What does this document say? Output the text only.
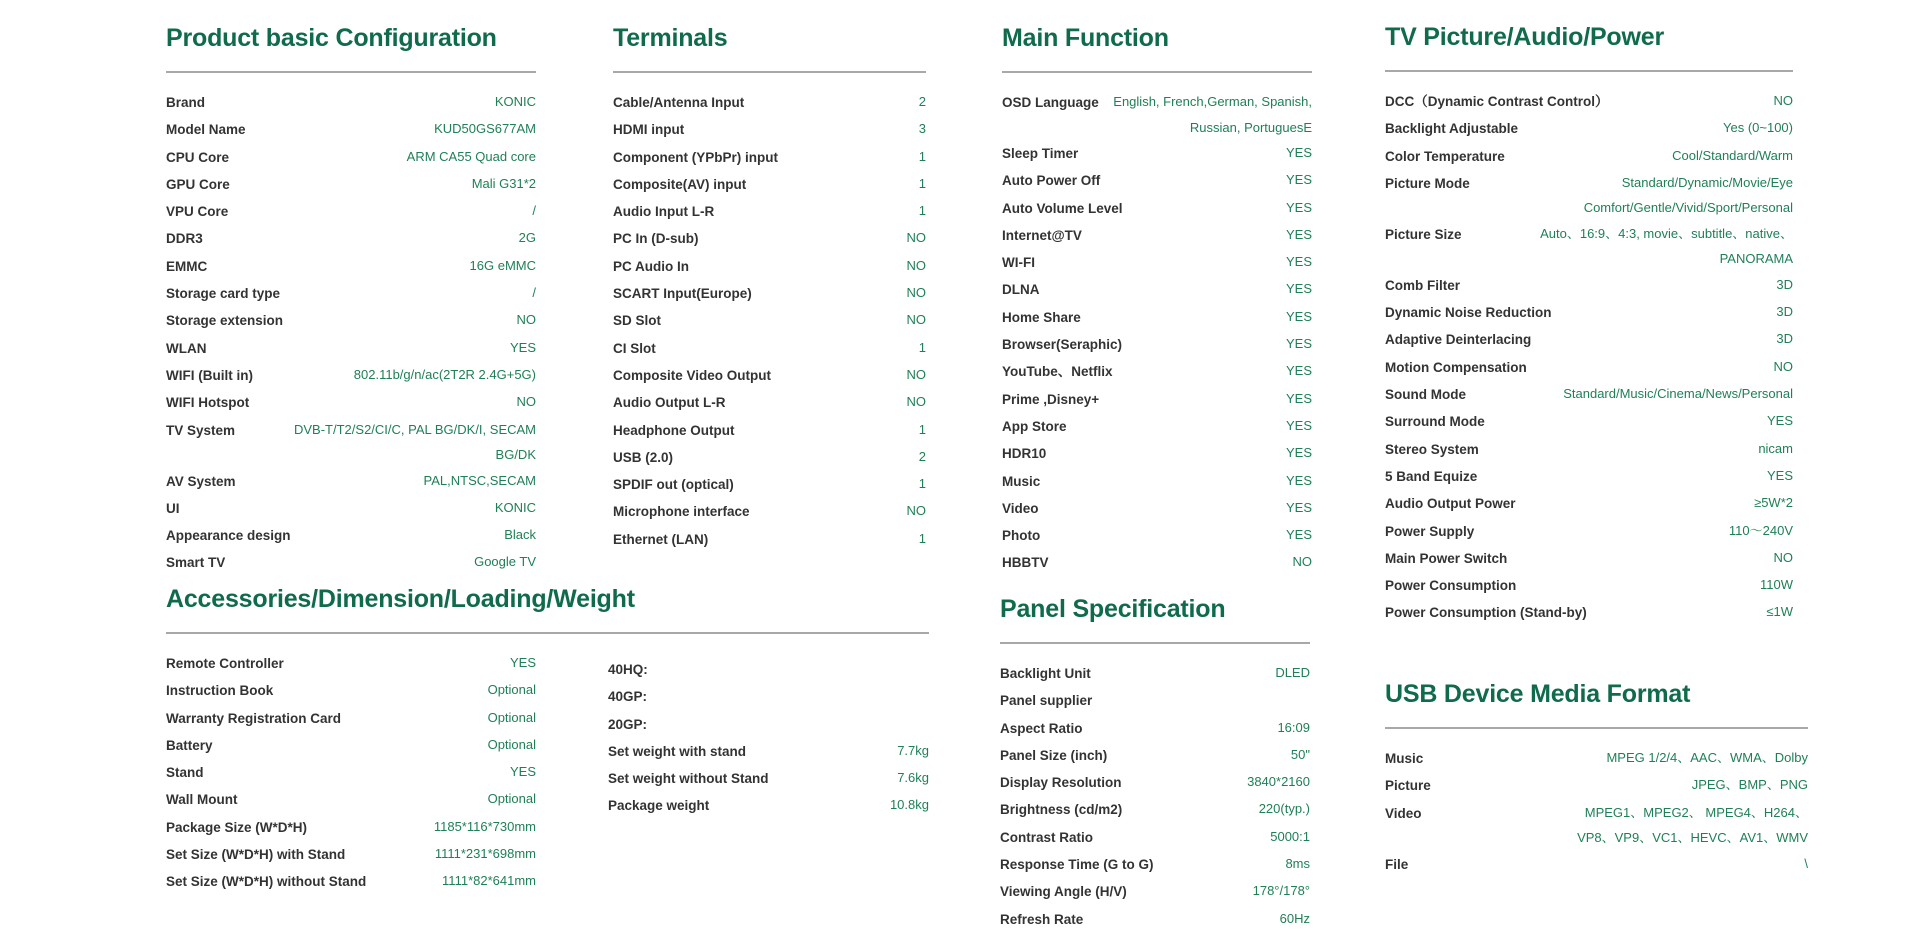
Product basic Configuration
Brand	KONIC
Model Name	KUD50GS677AM
CPU Core	ARM CA55 Quad core
GPU Core	Mali G31*2
VPU Core	/
DDR3	2G
EMMC	16G eMMC
Storage card type	/
Storage extension	NO
WLAN	YES
WIFI (Built in)	802.11b/g/n/ac(2T2R 2.4G+5G)
WIFI Hotspot	NO
TV System	DVB-T/T2/S2/CI/C, PAL BG/DK/I, SECAM BG/DK
AV System	PAL,NTSC,SECAM
UI	KONIC
Appearance design	Black
Smart TV	Google TV
Terminals
Cable/Antenna Input	2
HDMI input	3
Component (YPbPr) input	1
Composite(AV) input	1
Audio Input L-R	1
PC In (D-sub)	NO
PC Audio In	NO
SCART Input(Europe)	NO
SD Slot	NO
CI Slot	1
Composite Video Output	NO
Audio Output L-R	NO
Headphone Output	1
USB (2.0)	2
SPDIF out (optical)	1
Microphone interface	NO
Ethernet (LAN)	1
Main Function
OSD Language	English, French,German, Spanish, Russian, PortuguesE
Sleep Timer	YES
Auto Power Off	YES
Auto Volume Level	YES
Internet@TV	YES
WI-FI	YES
DLNA	YES
Home Share	YES
Browser(Seraphic)	YES
YouTube、Netflix	YES
Prime ,Disney+	YES
App Store	YES
HDR10	YES
Music	YES
Video	YES
Photo	YES
HBBTV	NO
TV Picture/Audio/Power
DCC（Dynamic Contrast Control）	NO
Backlight Adjustable	Yes (0~100)
Color Temperature	Cool/Standard/Warm
Picture Mode	Standard/Dynamic/Movie/Eye Comfort/Gentle/Vivid/Sport/Personal
Picture Size	Auto、16:9、4:3, movie、subtitle、native、 PANORAMA
Comb Filter	3D
Dynamic Noise Reduction	3D
Adaptive Deinterlacing	3D
Motion Compensation	NO
Sound Mode	Standard/Music/Cinema/News/Personal
Surround Mode	YES
Stereo System	nicam
5 Band Equize	YES
Audio Output Power	≥5W*2
Power Supply	110～240V
Main Power Switch	NO
Power Consumption	110W
Power Consumption (Stand-by)	≤1W
Accessories/Dimension/Loading/Weight
Remote Controller	YES
Instruction Book	Optional
Warranty Registration Card	Optional
Battery	Optional
Stand	YES
Wall Mount	Optional
Package Size (W*D*H)	1185*116*730mm
Set Size (W*D*H) with Stand	1111*231*698mm
Set Size (W*D*H) without Stand	1111*82*641mm
40HQ:
40GP:
20GP:
Set weight with stand	7.7kg
Set weight without Stand	7.6kg
Package weight	10.8kg
Panel Specification
Backlight Unit	DLED
Panel supplier
Aspect Ratio	16:09
Panel Size (inch)	50"
Display Resolution	3840*2160
Brightness (cd/m2)	220(typ.)
Contrast Ratio	5000:1
Response Time (G to G)	8ms
Viewing Angle (H/V)	178°/178°
Refresh Rate	60Hz
USB Device Media Format
Music	MPEG 1/2/4、AAC、WMA、Dolby
Picture	JPEG、BMP、PNG
Video	MPEG1、MPEG2、 MPEG4、H264、 VP8、VP9、VC1、HEVC、AV1、WMV
File	\
